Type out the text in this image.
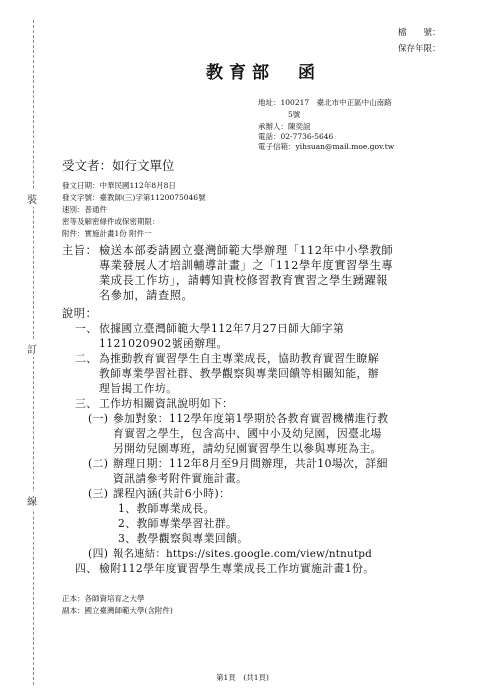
裝
訂
線
檔　　號：
保存年限：
教育部　函
地址：100217　臺北市中正區中山南路
5號
承辦人：陳奕誼
電話：02-7736-5646
電子信箱：yihsuan@mail.moe.gov.tw
受文者：如行文單位
發文日期：中華民國112年8月8日
發文字號：臺教師(三)字第1120075046號
速別：普通件
密等及解密條件或保密期限：
附件：實施計畫1份 附件一
主旨： 檢送本部委請國立臺灣師範大學辦理「112年中小學教師
專業發展人才培訓輔導計畫」之「112學年度實習學生專
業成長工作坊」，請轉知貴校修習教育實習之學生踴躍報
名參加，請查照。
說明：
一、 依據國立臺灣師範大學112年7月27日師大師字第
1121020902號函辦理。
二、 為推動教育實習學生自主專業成長，協助教育實習生瞭解
教師專業學習社群、教學觀察與專業回饋等相關知能，辦
理旨揭工作坊。
三、 工作坊相關資訊說明如下：
(一) 參加對象：112學年度第1學期於各教育實習機構進行教
育實習之學生，包含高中、國中小及幼兒園，因臺北場
另開幼兒園專班，請幼兒園實習學生以參與專班為主。
(二) 辦理日期：112年8月至9月間辦理，共計10場次，詳細
資訊請參考附件實施計畫。
(三) 課程內涵(共計6小時)：
1、教師專業成長。
2、教師專業學習社群。
3、教學觀察與專業回饋。
(四) 報名連結：https://sites.google.com/view/ntnutpd
四、 檢附112學年度實習學生專業成長工作坊實施計畫1份。
正本：各師資培育之大學
副本：國立臺灣師範大學(含附件)
第1頁　(共1頁)
